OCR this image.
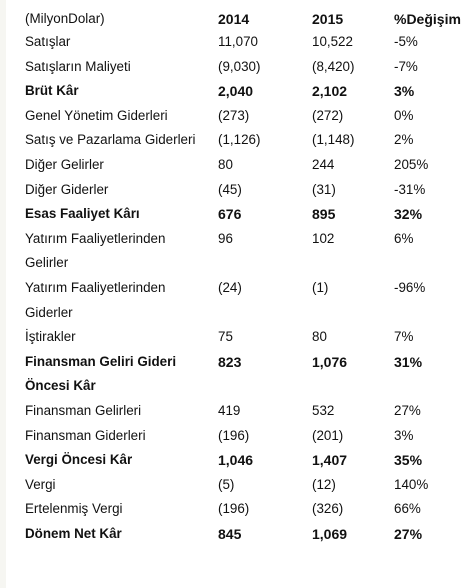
(MilyonDolar)	2014	2015	%Değişim
Satışlar	11,070	10,522	-5%
Satışların Maliyeti	(9,030)	(8,420)	-7%
Brüt Kâr	2,040	2,102	3%
Genel Yönetim Giderleri	(273)	(272)	0%
Satış ve Pazarlama Giderleri	(1,126)	(1,148)	2%
Diğer Gelirler	80	244	205%
Diğer Giderler	(45)	(31)	-31%
Esas Faaliyet Kârı	676	895	32%
Yatırım Faaliyetlerinden Gelirler	96	102	6%
Yatırım Faaliyetlerinden Giderler	(24)	(1)	-96%
İştirakler	75	80	7%
Finansman Geliri Gideri Öncesi Kâr	823	1,076	31%
Finansman Gelirleri	419	532	27%
Finansman Giderleri	(196)	(201)	3%
Vergi Öncesi Kâr	1,046	1,407	35%
Vergi	(5)	(12)	140%
Ertelenmiş Vergi	(196)	(326)	66%
Dönem Net Kâr	845	1,069	27%
